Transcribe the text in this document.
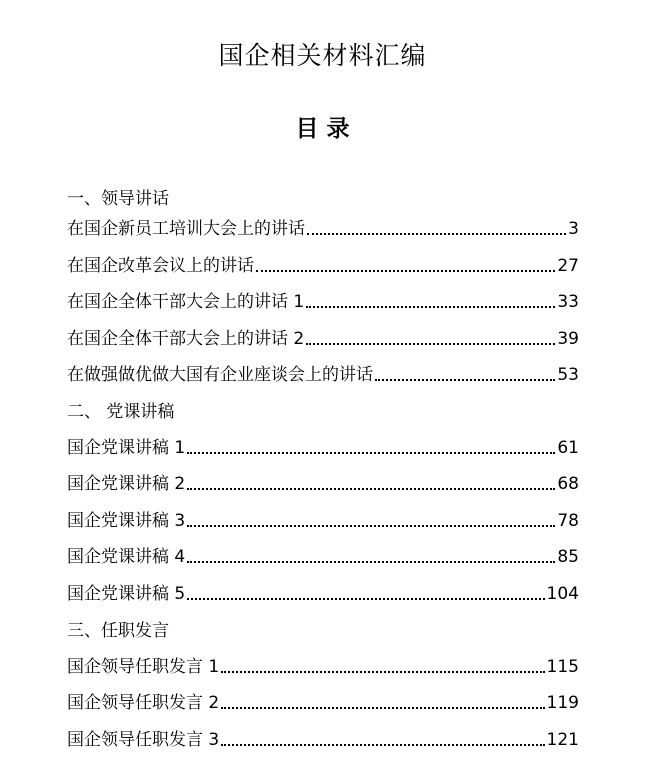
国企相关材料汇编
目 录
一、领导讲话
在国企新员工培训大会上的讲话	3
在国企改革会议上的讲话	27
在国企全体干部大会上的讲话 1	33
在国企全体干部大会上的讲话 2	39
在做强做优做大国有企业座谈会上的讲话	53
二、 党课讲稿
国企党课讲稿 1	61
国企党课讲稿 2	68
国企党课讲稿 3	78
国企党课讲稿 4	85
国企党课讲稿 5	104
三、任职发言
国企领导任职发言 1	115
国企领导任职发言 2	119
国企领导任职发言 3	121
